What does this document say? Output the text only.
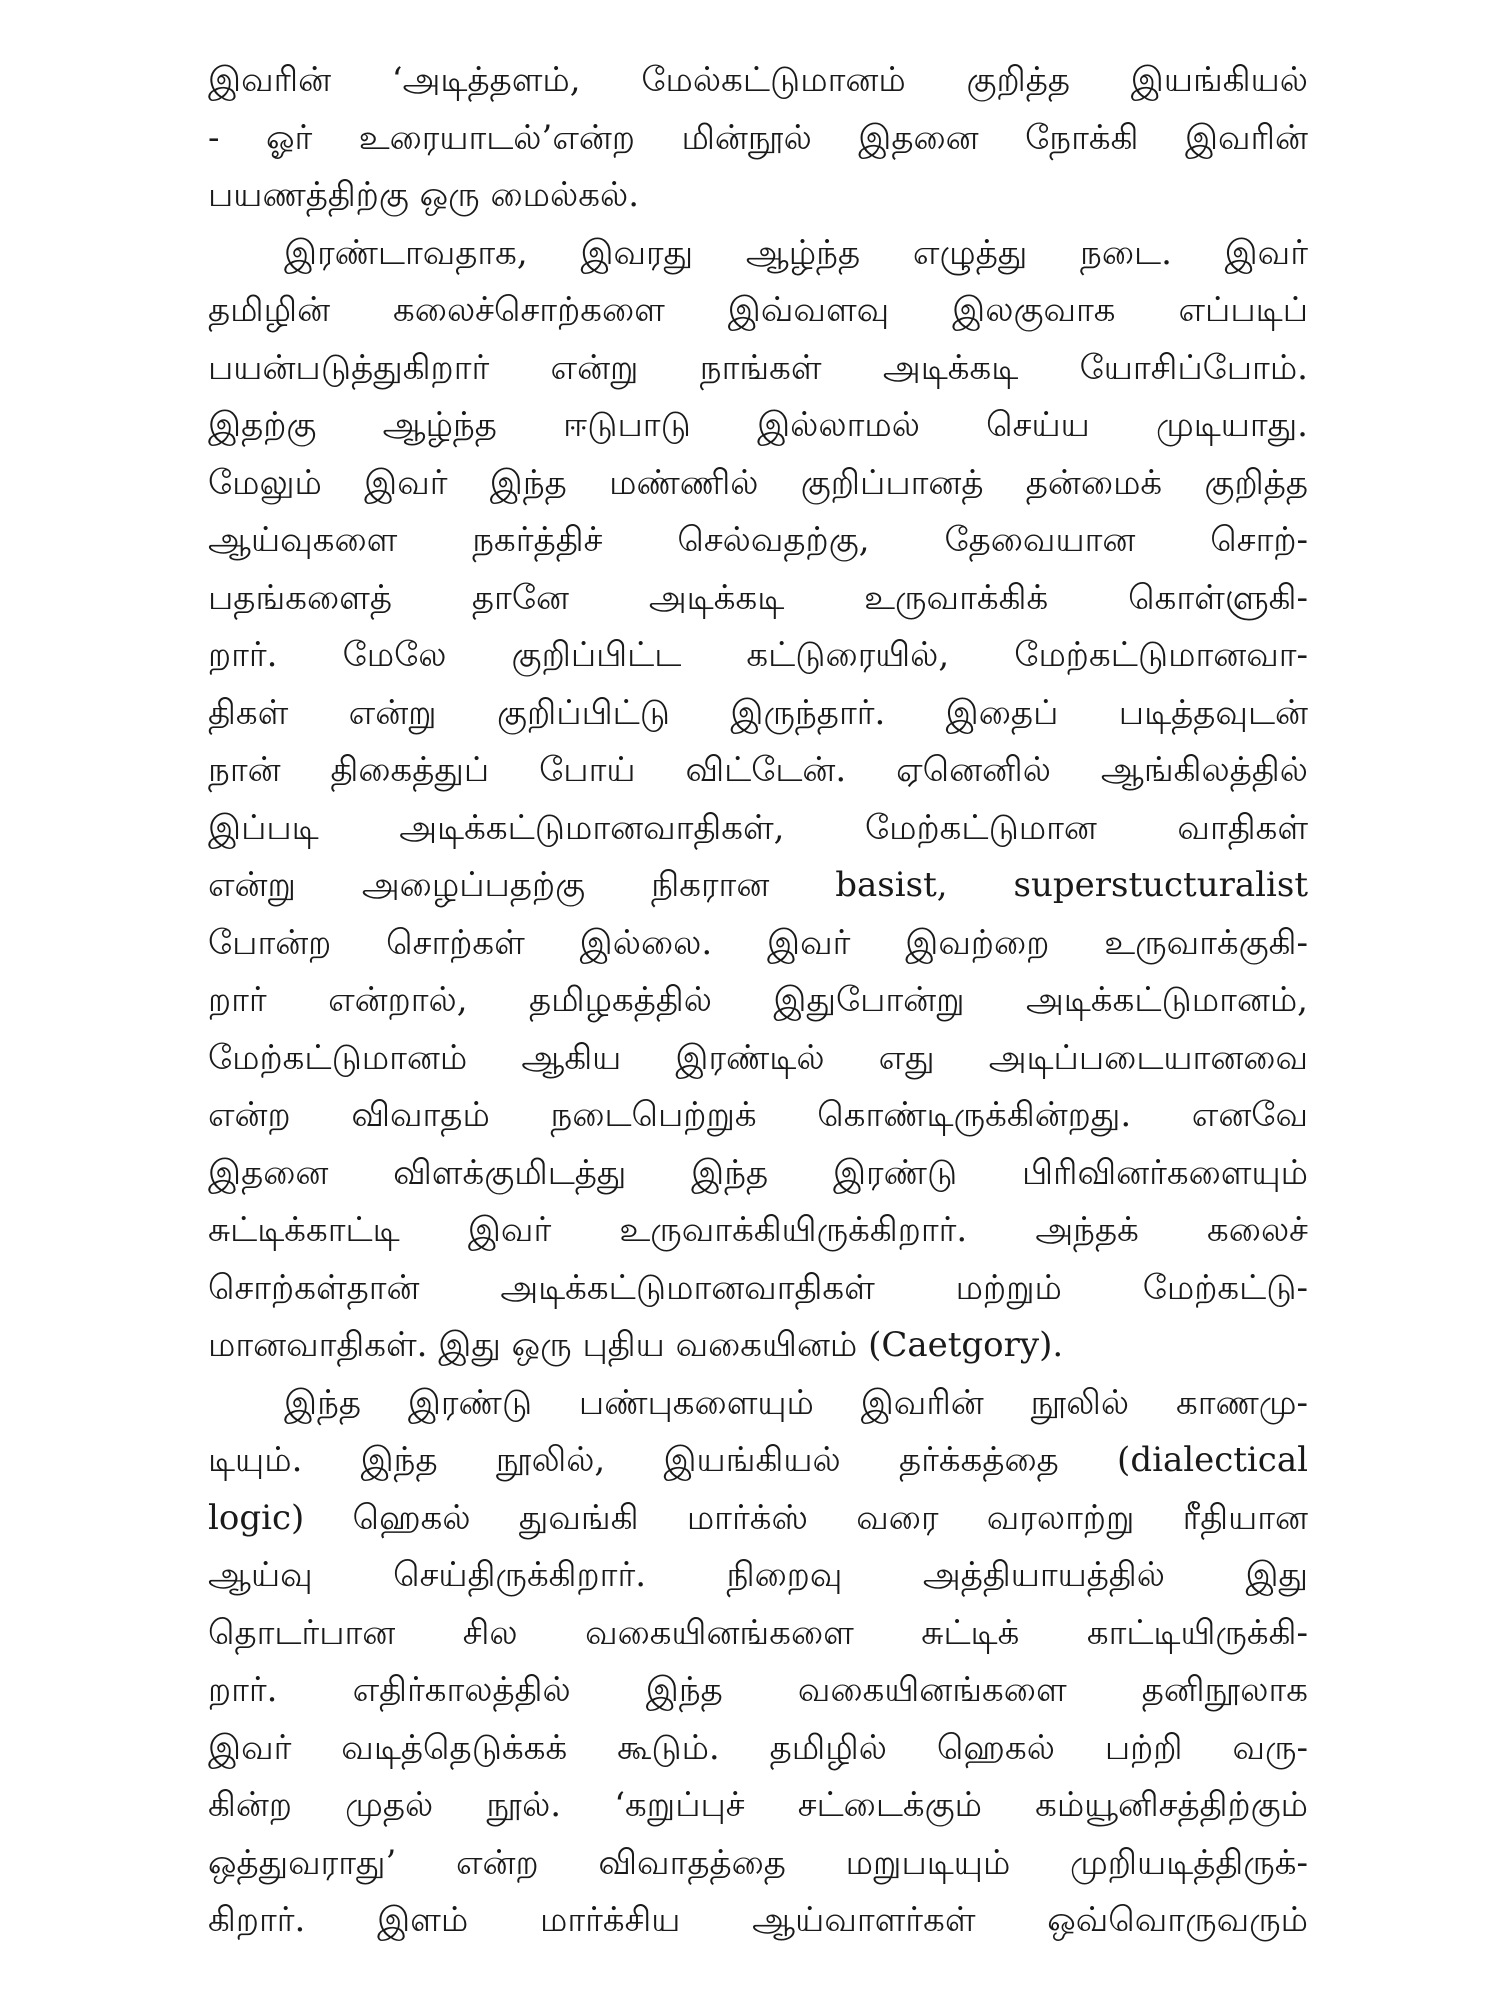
இவரின் ‘அடித்தளம், மேல்கட்டுமானம் குறித்த இயங்கியல்
- ஓர் உரையாடல்’என்ற மின்நூல் இதனை நோக்கி இவரின்
பயணத்திற்கு ஒரு மைல்கல்.
இரண்டாவதாக, இவரது ஆழ்ந்த எழுத்து நடை. இவர்
தமிழின் கலைச்சொற்களை இவ்வளவு இலகுவாக எப்படிப்
பயன்படுத்துகிறார் என்று நாங்கள் அடிக்கடி யோசிப்போம்.
இதற்கு ஆழ்ந்த ஈடுபாடு இல்லாமல் செய்ய முடியாது.
மேலும் இவர் இந்த மண்ணில் குறிப்பானத் தன்மைக் குறித்த
ஆய்வுகளை நகர்த்திச் செல்வதற்கு, தேவையான சொற்-
பதங்களைத் தானே அடிக்கடி உருவாக்கிக் கொள்ளுகி-
றார். மேலே குறிப்பிட்ட கட்டுரையில், மேற்கட்டுமானவா-
திகள் என்று குறிப்பிட்டு இருந்தார். இதைப் படித்தவுடன்
நான் திகைத்துப் போய் விட்டேன். ஏனெனில் ஆங்கிலத்தில்
இப்படி அடிக்கட்டுமானவாதிகள், மேற்கட்டுமான வாதிகள்
என்று அழைப்பதற்கு நிகரான basist, superstucturalist
போன்ற சொற்கள் இல்லை. இவர் இவற்றை உருவாக்குகி-
றார் என்றால், தமிழகத்தில் இதுபோன்று அடிக்கட்டுமானம்,
மேற்கட்டுமானம் ஆகிய இரண்டில் எது அடிப்படையானவை
என்ற விவாதம் நடைபெற்றுக் கொண்டிருக்கின்றது. எனவே
இதனை விளக்குமிடத்து இந்த இரண்டு பிரிவினர்களையும்
சுட்டிக்காட்டி இவர் உருவாக்கியிருக்கிறார். அந்தக் கலைச்
சொற்கள்தான் அடிக்கட்டுமானவாதிகள் மற்றும் மேற்கட்டு-
மானவாதிகள். இது ஒரு புதிய வகையினம் (Caetgory).
இந்த இரண்டு பண்புகளையும் இவரின் நூலில் காணமு-
டியும். இந்த நூலில், இயங்கியல் தர்க்கத்தை (dialectical
logic) ஹெகல் துவங்கி மார்க்ஸ் வரை வரலாற்று ரீதியான
ஆய்வு செய்திருக்கிறார். நிறைவு அத்தியாயத்தில் இது
தொடர்பான சில வகையினங்களை சுட்டிக் காட்டியிருக்கி-
றார். எதிர்காலத்தில் இந்த வகையினங்களை தனிநூலாக
இவர் வடித்தெடுக்கக் கூடும். தமிழில் ஹெகல் பற்றி வரு-
கின்ற முதல் நூல். ‘கறுப்புச் சட்டைக்கும் கம்யூனிசத்திற்கும்
ஒத்துவராது’ என்ற விவாதத்தை மறுபடியும் முறியடித்திருக்-
கிறார். இளம் மார்க்சிய ஆய்வாளர்கள் ஒவ்வொருவரும்
